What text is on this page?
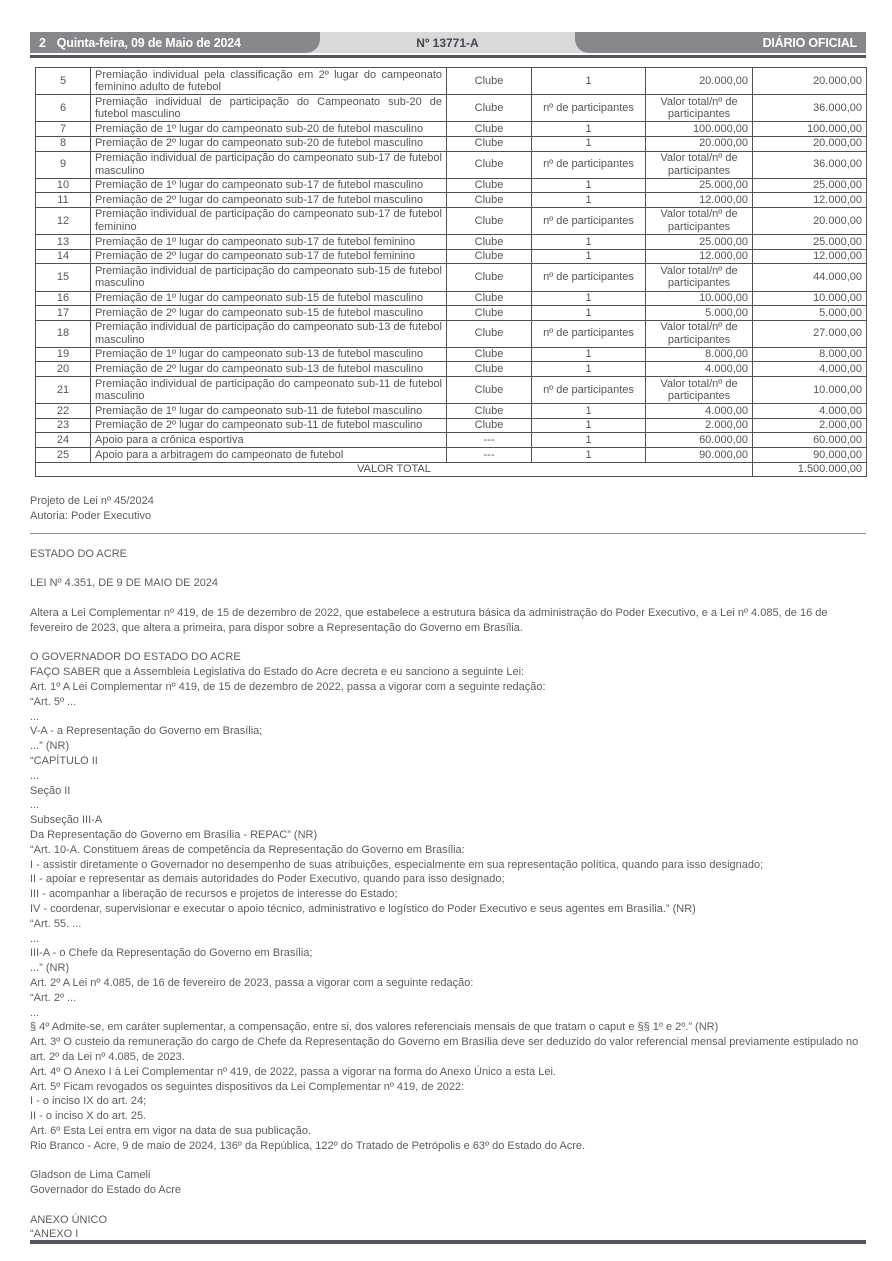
2 Quinta-feira, 09 de Maio de 2024	Nº 13771-A	DIÁRIO OFICIAL
5	Premiação individual pela classificação em 2º lugar do campeonato feminino adulto de futebol	Clube	1	20.000,00	20.000,00
6	Premiação individual de participação do Campeonato sub-20 de futebol masculino	Clube	nº de participantes	Valor total/nº de participantes	36.000,00
7	Premiação de 1º lugar do campeonato sub-20 de futebol masculino	Clube	1	100.000,00	100.000,00
8	Premiação de 2º lugar do campeonato sub-20 de futebol masculino	Clube	1	20.000,00	20.000,00
9	Premiação individual de participação do campeonato sub-17 de futebol masculino	Clube	nº de participantes	Valor total/nº de participantes	36.000,00
10	Premiação de 1º lugar do campeonato sub-17 de futebol masculino	Clube	1	25.000,00	25.000,00
11	Premiação de 2º lugar do campeonato sub-17 de futebol masculino	Clube	1	12.000,00	12.000,00
12	Premiação individual de participação do campeonato sub-17 de futebol feminino	Clube	nº de participantes	Valor total/nº de participantes	20.000,00
13	Premiação de 1º lugar do campeonato sub-17 de futebol feminino	Clube	1	25.000,00	25.000,00
14	Premiação de 2º lugar do campeonato sub-17 de futebol feminino	Clube	1	12.000,00	12.000,00
15	Premiação individual de participação do campeonato sub-15 de futebol masculino	Clube	nº de participantes	Valor total/nº de participantes	44.000,00
16	Premiação de 1º lugar do campeonato sub-15 de futebol masculino	Clube	1	10.000,00	10.000,00
17	Premiação de 2º lugar do campeonato sub-15 de futebol masculino	Clube	1	5.000,00	5.000,00
18	Premiação individual de participação do campeonato sub-13 de futebol masculino	Clube	nº de participantes	Valor total/nº de participantes	27.000,00
19	Premiação de 1º lugar do campeonato sub-13 de futebol masculino	Clube	1	8.000,00	8.000,00
20	Premiação de 2º lugar do campeonato sub-13 de futebol masculino	Clube	1	4.000,00	4.000,00
21	Premiação individual de participação do campeonato sub-11 de futebol masculino	Clube	nº de participantes	Valor total/nº de participantes	10.000,00
22	Premiação de 1º lugar do campeonato sub-11 de futebol masculino	Clube	1	4.000,00	4.000,00
23	Premiação de 2º lugar do campeonato sub-11 de futebol masculino	Clube	1	2.000,00	2.000,00
24	Apoio para a crônica esportiva	---	1	60.000,00	60.000,00
25	Apoio para a arbitragem do campeonato de futebol	---	1	90.000,00	90.000,00
VALOR TOTAL					1.500.000,00
Projeto de Lei nº 45/2024
Autoria: Poder Executivo
ESTADO DO ACRE

LEI Nº 4.351, DE 9 DE MAIO DE 2024

Altera a Lei Complementar nº 419, de 15 de dezembro de 2022, que estabelece a estrutura básica da administração do Poder Executivo, e a Lei nº 4.085, de 16 de fevereiro de 2023, que altera a primeira, para dispor sobre a Representação do Governo em Brasília.

O GOVERNADOR DO ESTADO DO ACRE
FAÇO SABER que a Assembleia Legislativa do Estado do Acre decreta e eu sanciono a seguinte Lei:
Art. 1º A Lei Complementar nº 419, de 15 de dezembro de 2022, passa a vigorar com a seguinte redação:
“Art. 5º ...
...
V-A - a Representação do Governo em Brasília;
...” (NR)
“CAPÍTULO II
...
Seção II
...
Subseção III-A
Da Representação do Governo em Brasília - REPAC” (NR)
“Art. 10-A. Constituem áreas de competência da Representação do Governo em Brasília:
I - assistir diretamente o Governador no desempenho de suas atribuições, especialmente em sua representação política, quando para isso designado;
II - apoiar e representar as demais autoridades do Poder Executivo, quando para isso designado;
III - acompanhar a liberação de recursos e projetos de interesse do Estado;
IV - coordenar, supervisionar e executar o apoio técnico, administrativo e logístico do Poder Executivo e seus agentes em Brasília.” (NR)
“Art. 55. ...
...
III-A - o Chefe da Representação do Governo em Brasília;
...” (NR)
Art. 2º A Lei nº 4.085, de 16 de fevereiro de 2023, passa a vigorar com a seguinte redação:
“Art. 2º ...
...
§ 4º Admite-se, em caráter suplementar, a compensação, entre si, dos valores referenciais mensais de que tratam o caput e §§ 1º e 2º.” (NR)
Art. 3º O custeio da remuneração do cargo de Chefe da Representação do Governo em Brasília deve ser deduzido do valor referencial mensal previamente estipulado no art. 2º da Lei nº 4.085, de 2023.
Art. 4º O Anexo I à Lei Complementar nº 419, de 2022, passa a vigorar na forma do Anexo Único a esta Lei.
Art. 5º Ficam revogados os seguintes dispositivos da Lei Complementar nº 419, de 2022:
I - o inciso IX do art. 24;
II - o inciso X do art. 25.
Art. 6º Esta Lei entra em vigor na data de sua publicação.
Rio Branco - Acre, 9 de maio de 2024, 136º da República, 122º do Tratado de Petrópolis e 63º do Estado do Acre.

Gladson de Lima Cameli
Governador do Estado do Acre

ANEXO ÚNICO
“ANEXO I
